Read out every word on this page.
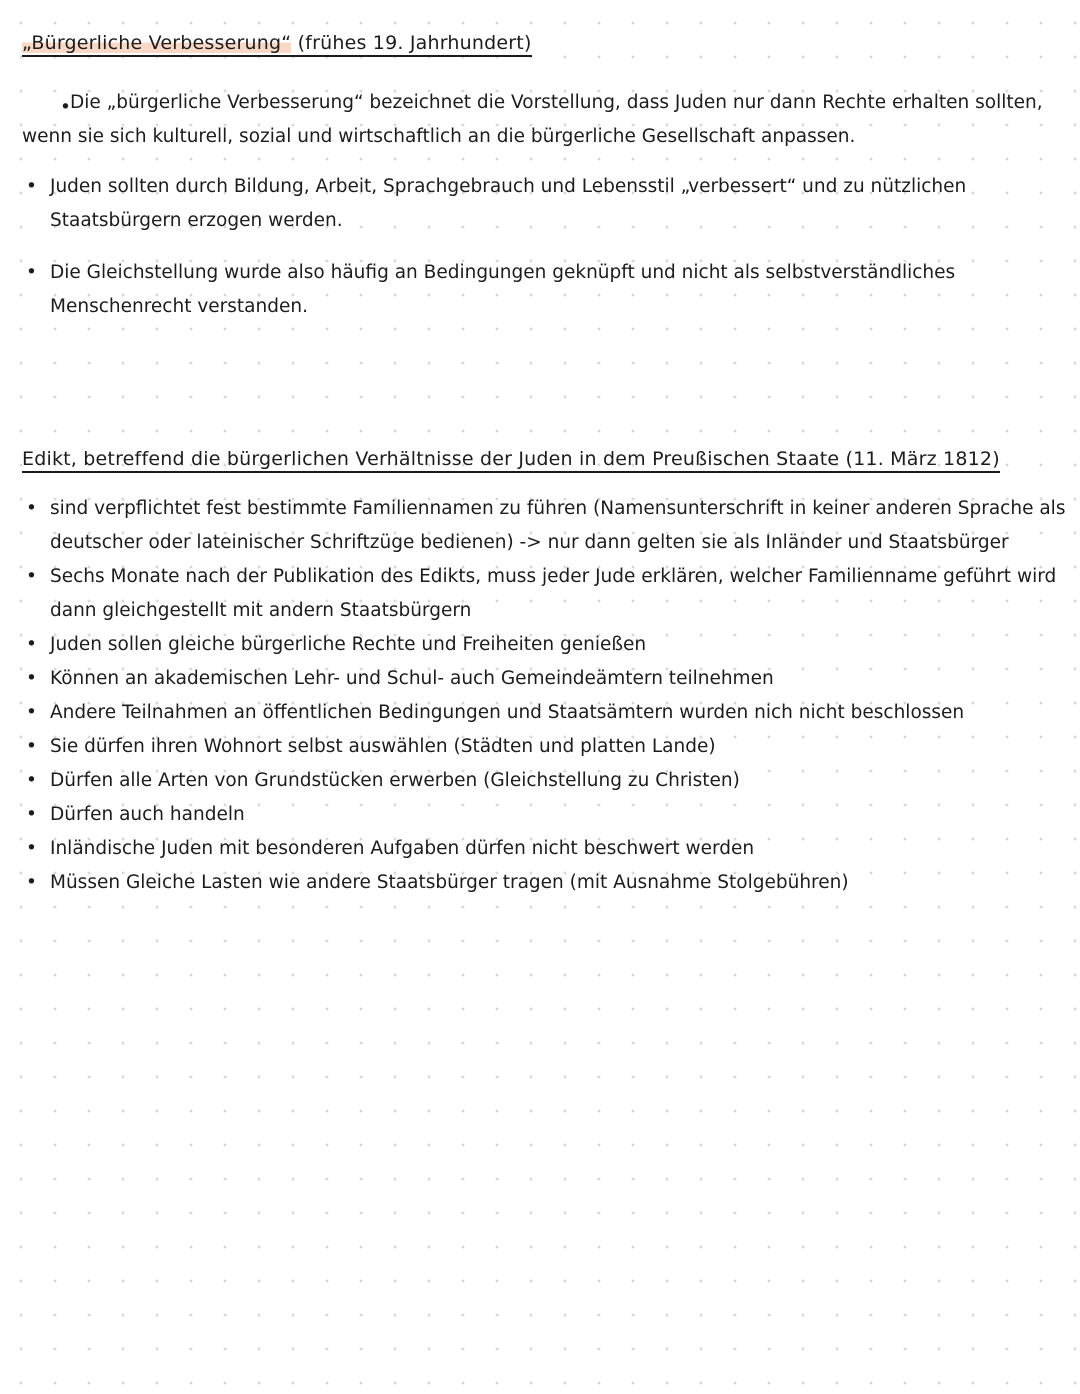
„Bürgerliche Verbesserung“ (frühes 19. Jahrhundert)

• Die „bürgerliche Verbesserung“ bezeichnet die Vorstellung, dass Juden nur dann Rechte erhalten sollten, wenn sie sich kulturell, sozial und wirtschaftlich an die bürgerliche Gesellschaft anpassen.

• Juden sollten durch Bildung, Arbeit, Sprachgebrauch und Lebensstil „verbessert“ und zu nützlichen Staatsbürgern erzogen werden.
• Die Gleichstellung wurde also häufig an Bedingungen geknüpft und nicht als selbstverständliches Menschenrecht verstanden.
Edikt, betreffend die bürgerlichen Verhältnisse der Juden in dem Preußischen Staate (11. März 1812)
• sind verpflichtet fest bestimmte Familiennamen zu führen (Namensunterschrift in keiner anderen Sprache als deutscher oder lateinischer Schriftzüge bedienen) -> nur dann gelten sie als Inländer und Staatsbürger
• Sechs Monate nach der Publikation des Edikts, muss jeder Jude erklären, welcher Familienname geführt wird dann gleichgestellt mit andern Staatsbürgern
• Juden sollen gleiche bürgerliche Rechte und Freiheiten genießen
• Können an akademischen Lehr- und Schul- auch Gemeindeämtern teilnehmen
• Andere Teilnahmen an öffentlichen Bedingungen und Staatsämtern wurden nich nicht beschlossen
• Sie dürfen ihren Wohnort selbst auswählen (Städten und platten Lande)
• Dürfen alle Arten von Grundstücken erwerben (Gleichstellung zu Christen)
• Dürfen auch handeln
• Inländische Juden mit besonderen Aufgaben dürfen nicht beschwert werden
• Müssen Gleiche Lasten wie andere Staatsbürger tragen (mit Ausnahme Stolgebühren)
